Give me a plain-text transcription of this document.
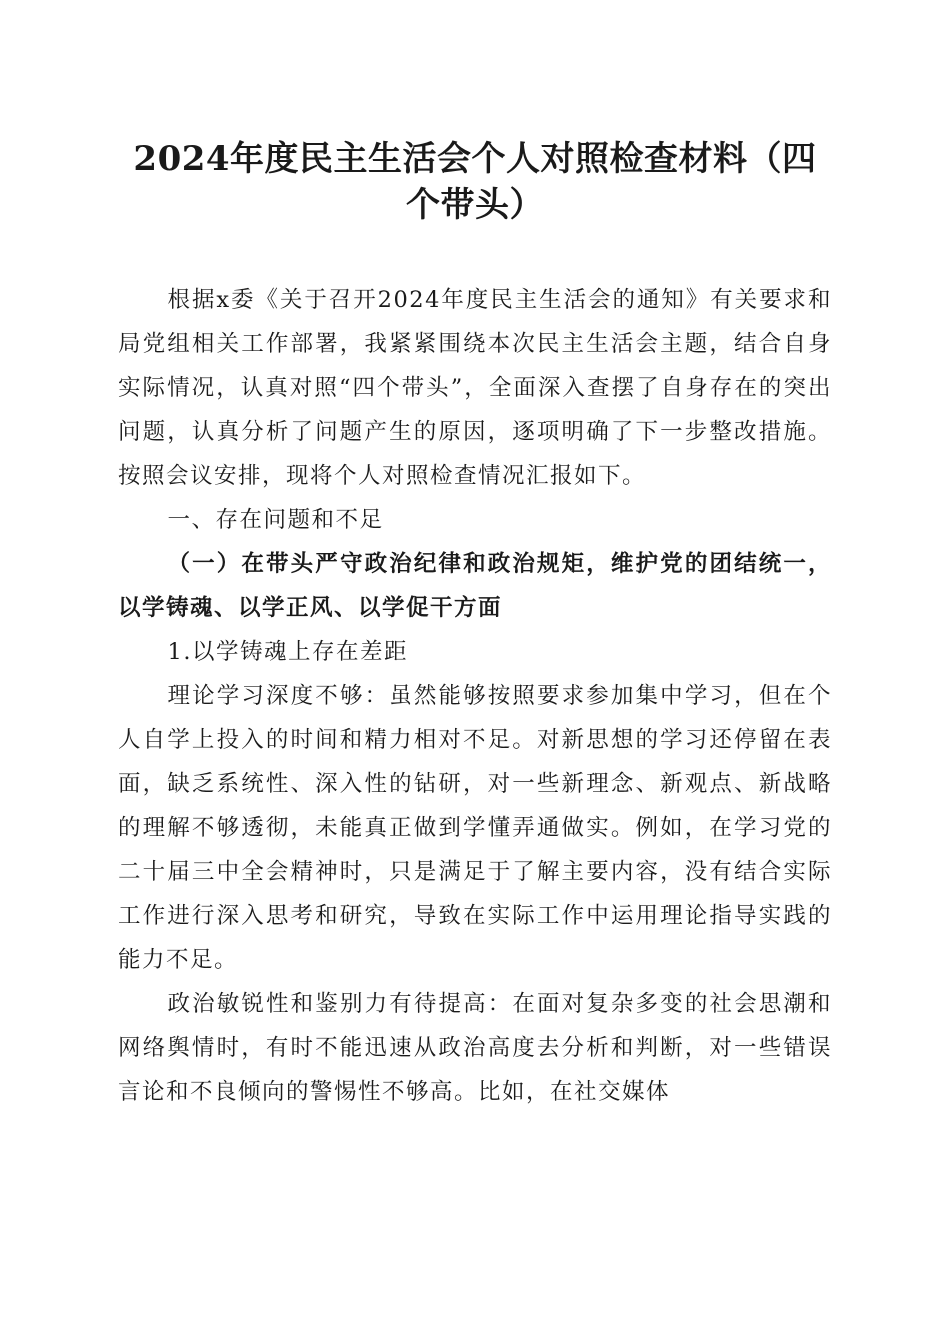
2024年度民主生活会个人对照检查材料（四个带头）

根据x委《关于召开2024年度民主生活会的通知》有关要求和局党组相关工作部署，我紧紧围绕本次民主生活会主题，结合自身实际情况，认真对照“四个带头”，全面深入查摆了自身存在的突出问题，认真分析了问题产生的原因，逐项明确了下一步整改措施。按照会议安排，现将个人对照检查情况汇报如下。

一、存在问题和不足

（一）在带头严守政治纪律和政治规矩，维护党的团结统一，以学铸魂、以学正风、以学促干方面

1.以学铸魂上存在差距

理论学习深度不够：虽然能够按照要求参加集中学习，但在个人自学上投入的时间和精力相对不足。对新思想的学习还停留在表面，缺乏系统性、深入性的钻研，对一些新理念、新观点、新战略的理解不够透彻，未能真正做到学懂弄通做实。例如，在学习党的二十届三中全会精神时，只是满足于了解主要内容，没有结合实际工作进行深入思考和研究，导致在实际工作中运用理论指导实践的能力不足。

政治敏锐性和鉴别力有待提高：在面对复杂多变的社会思潮和网络舆情时，有时不能迅速从政治高度去分析和判断，对一些错误言论和不良倾向的警惕性不够高。比如，在社交媒体
